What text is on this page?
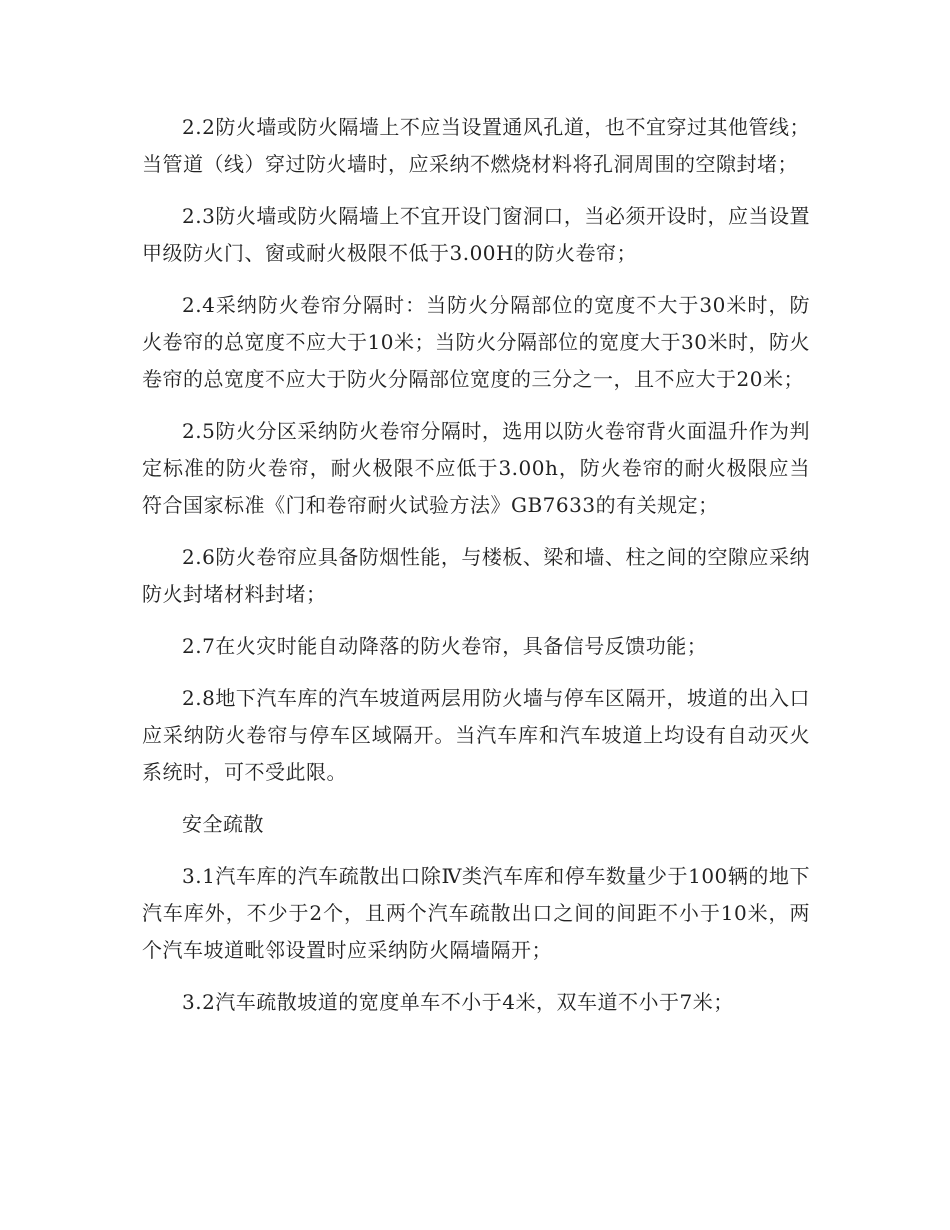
2.2防火墙或防火隔墙上不应当设置通风孔道，也不宜穿过其他管线；当管道（线）穿过防火墙时，应采纳不燃烧材料将孔洞周围的空隙封堵；

2.3防火墙或防火隔墙上不宜开设门窗洞口，当必须开设时，应当设置甲级防火门、窗或耐火极限不低于3.00H的防火卷帘；

2.4采纳防火卷帘分隔时：当防火分隔部位的宽度不大于30米时，防火卷帘的总宽度不应大于10米；当防火分隔部位的宽度大于30米时，防火卷帘的总宽度不应大于防火分隔部位宽度的三分之一，且不应大于20米；

2.5防火分区采纳防火卷帘分隔时，选用以防火卷帘背火面温升作为判定标准的防火卷帘，耐火极限不应低于3.00h，防火卷帘的耐火极限应当符合国家标准《门和卷帘耐火试验方法》GB7633的有关规定；

2.6防火卷帘应具备防烟性能，与楼板、梁和墙、柱之间的空隙应采纳防火封堵材料封堵；

2.7在火灾时能自动降落的防火卷帘，具备信号反馈功能；

2.8地下汽车库的汽车坡道两层用防火墙与停车区隔开，坡道的出入口应采纳防火卷帘与停车区域隔开。当汽车库和汽车坡道上均设有自动灭火系统时，可不受此限。

安全疏散

3.1汽车库的汽车疏散出口除Ⅳ类汽车库和停车数量少于100辆的地下汽车库外，不少于2个，且两个汽车疏散出口之间的间距不小于10米，两个汽车坡道毗邻设置时应采纳防火隔墙隔开；

3.2汽车疏散坡道的宽度单车不小于4米，双车道不小于7米；
